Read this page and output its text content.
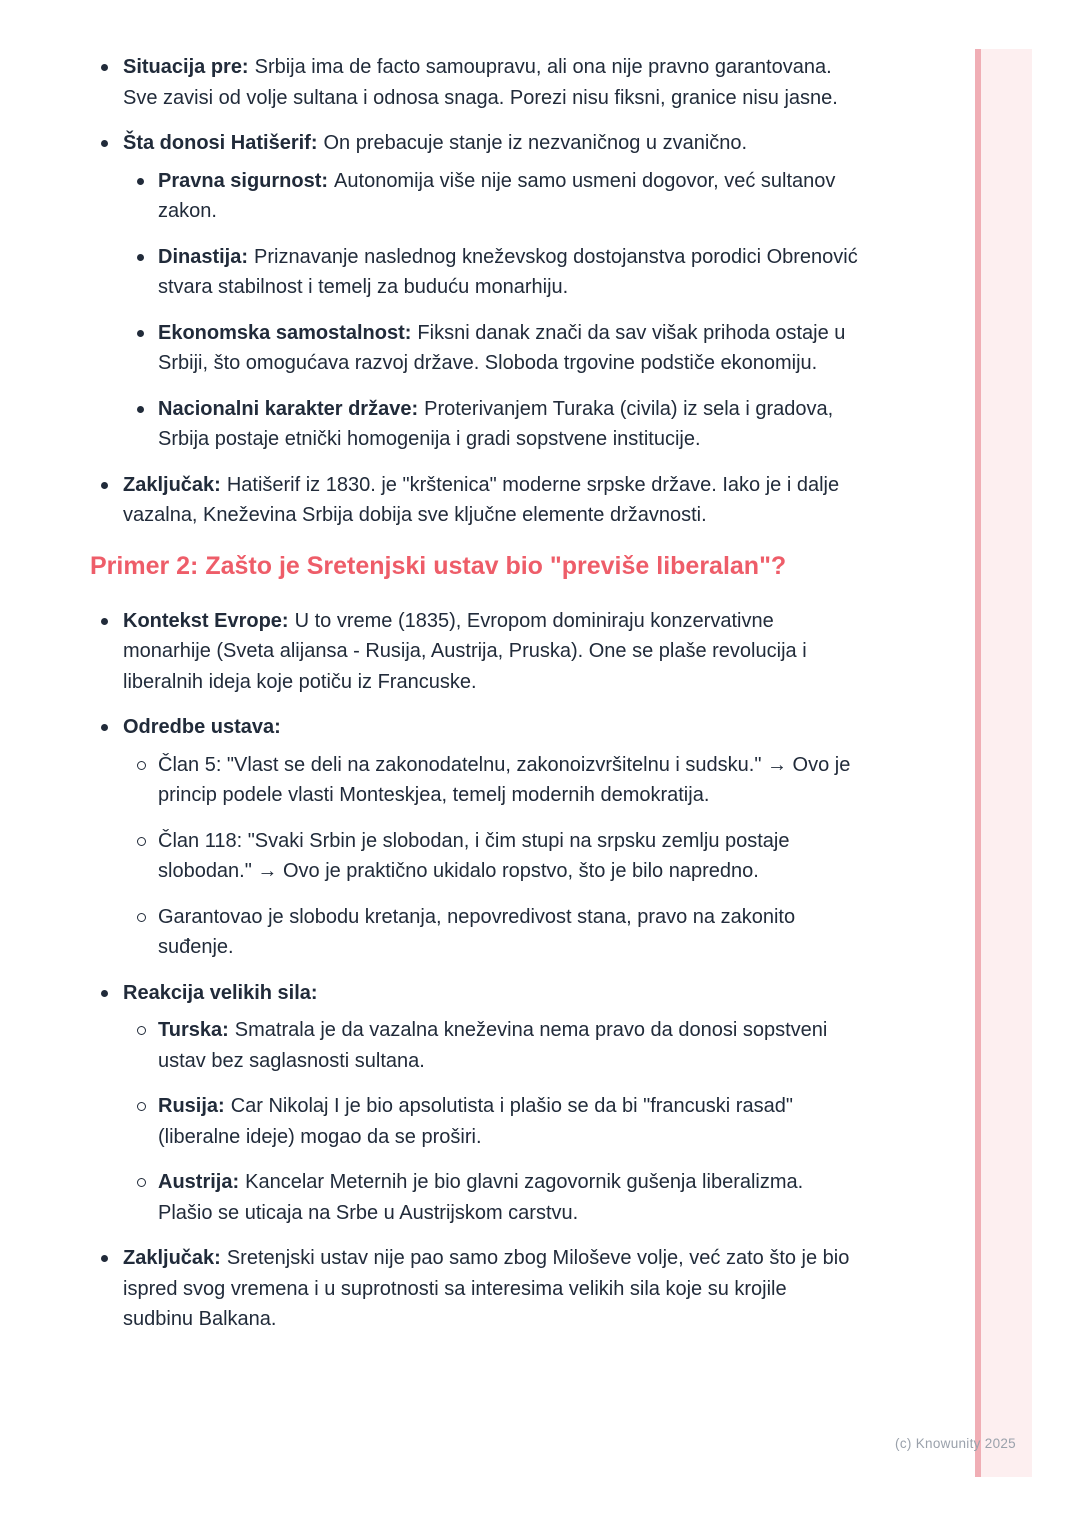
Situacija pre: Srbija ima de facto samoupravu, ali ona nije pravno garantovana. Sve zavisi od volje sultana i odnosa snaga. Porezi nisu fiksni, granice nisu jasne.
Šta donosi Hatišerif: On prebacuje stanje iz nezvaničnog u zvanično.
Pravna sigurnost: Autonomija više nije samo usmeni dogovor, već sultanov zakon.
Dinastija: Priznavanje naslednog kneževskog dostojanstva porodici Obrenović stvara stabilnost i temelj za buduću monarhiju.
Ekonomska samostalnost: Fiksni danak znači da sav višak prihoda ostaje u Srbiji, što omogućava razvoj države. Sloboda trgovine podstiče ekonomiju.
Nacionalni karakter države: Proterivanjem Turaka (civila) iz sela i gradova, Srbija postaje etnički homogenija i gradi sopstvene institucije.
Zaključak: Hatišerif iz 1830. je "krštenica" moderne srpske države. Iako je i dalje vazalna, Kneževina Srbija dobija sve ključne elemente državnosti.
Primer 2: Zašto je Sretenjski ustav bio "previše liberalan"?
Kontekst Evrope: U to vreme (1835), Evropom dominiraju konzervativne monarhije (Sveta alijansa - Rusija, Austrija, Pruska). One se plaše revolucija i liberalnih ideja koje potiču iz Francuske.
Odredbe ustava:
Član 5: "Vlast se deli na zakonodatelnu, zakonoizvršitelnu i sudsku." → Ovo je princip podele vlasti Monteskjea, temelj modernih demokratija.
Član 118: "Svaki Srbin je slobodan, i čim stupi na srpsku zemlju postaje slobodan." → Ovo je praktično ukidalo ropstvo, što je bilo napredno.
Garantovao je slobodu kretanja, nepovredivost stana, pravo na zakonito suđenje.
Reakcija velikih sila:
Turska: Smatrala je da vazalna kneževina nema pravo da donosi sopstveni ustav bez saglasnosti sultana.
Rusija: Car Nikolaj I je bio apsolutista i plašio se da bi "francuski rasad" (liberalne ideje) mogao da se proširi.
Austrija: Kancelar Meternih je bio glavni zagovornik gušenja liberalizma. Plašio se uticaja na Srbe u Austrijskom carstvu.
Zaključak: Sretenjski ustav nije pao samo zbog Miloševe volje, već zato što je bio ispred svog vremena i u suprotnosti sa interesima velikih sila koje su krojile sudbinu Balkana.
(c) Knowunity 2025
